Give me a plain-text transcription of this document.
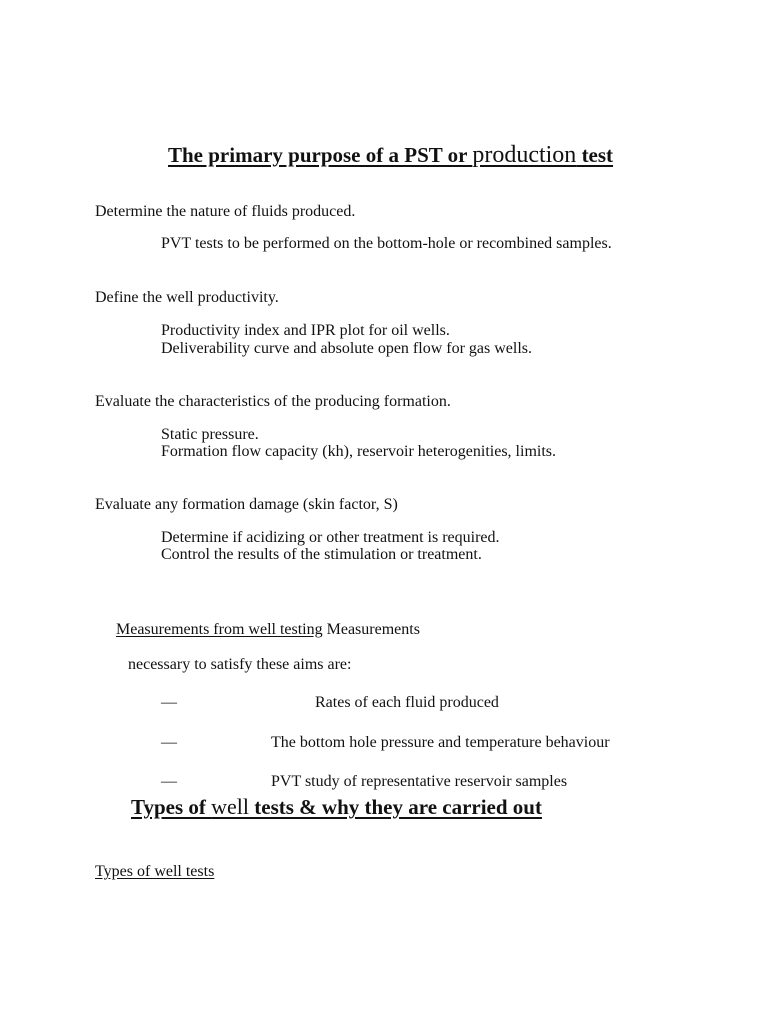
The primary purpose of a PST or production test
Determine the nature of fluids produced.
PVT tests to be performed on the bottom-hole or recombined samples.
Define the well productivity.
Productivity index and IPR plot for oil wells.
Deliverability curve and absolute open flow for gas wells.
Evaluate the characteristics of the producing formation.
Static pressure.
Formation flow capacity (kh), reservoir heterogenities, limits.
Evaluate any formation damage (skin factor, S)
Determine if acidizing or other treatment is required.
Control the results of the stimulation or treatment.
Measurements from well testing Measurements
necessary to satisfy these aims are:
—	Rates of each fluid produced
—	The bottom hole pressure and temperature behaviour
—	PVT study of representative reservoir samples
Types of well tests & why they are carried out
Types of well tests
